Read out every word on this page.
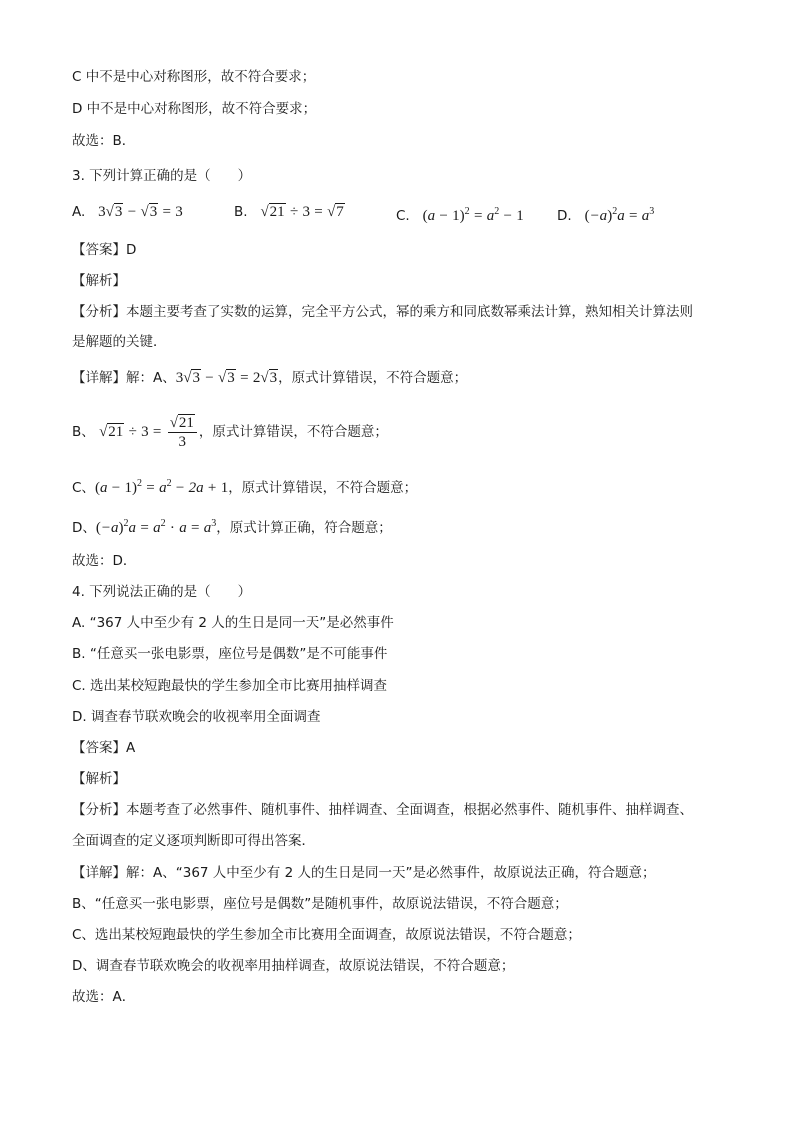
C 中不是中心对称图形，故不符合要求；
D 中不是中心对称图形，故不符合要求；
故选：B．
3. 下列计算正确的是（　　）
A. 3√3 − √3 = 3	B. √21 ÷ 3 = √7	C. $(a - 1)^2 = a^2 - 1$ D. $(-a)^2a = a^3$
【答案】D
【解析】
【分析】本题主要考查了实数的运算，完全平方公式，幂的乘方和同底数幂乘法计算，熟知相关计算法则
是解题的关键．
【详解】解：A、3√3 − √3 = 2√3，原式计算错误，不符合题意；
B、 $√21 \div 3 = \frac{√21}{3}$ ，原式计算错误，不符合题意；
C、$(a - 1)^2 = a^2 - 2a + 1$，原式计算错误，不符合题意；
D、$(-a)^2a = a^2 \cdot a = a^3$，原式计算正确，符合题意；
故选：D．
4. 下列说法正确的是（　　）
A. “367 人中至少有 2 人的生日是同一天”是必然事件
B. “任意买一张电影票，座位号是偶数”是不可能事件
C. 选出某校短跑最快的学生参加全市比赛用抽样调查
D. 调查春节联欢晚会的收视率用全面调查
【答案】A
【解析】
【分析】本题考查了必然事件、随机事件、抽样调查、全面调查，根据必然事件、随机事件、抽样调查、
全面调查的定义逐项判断即可得出答案．
【详解】解：A、“367 人中至少有 2 人的生日是同一天”是必然事件，故原说法正确，符合题意；
B、“任意买一张电影票，座位号是偶数”是随机事件，故原说法错误，不符合题意；
C、选出某校短跑最快的学生参加全市比赛用全面调查，故原说法错误，不符合题意；
D、调查春节联欢晚会的收视率用抽样调查，故原说法错误，不符合题意；
故选：A．
